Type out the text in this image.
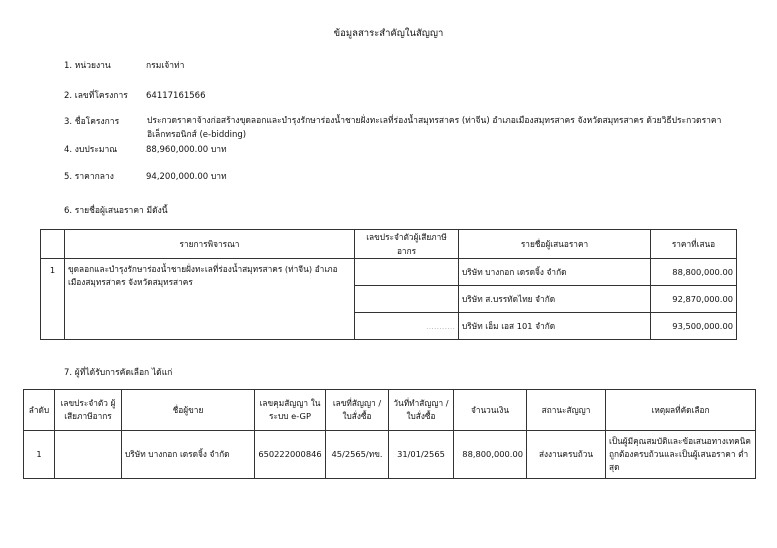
ข้อมูลสาระสำคัญในสัญญา
1. หน่วยงาน	กรมเจ้าท่า
2. เลขที่โครงการ 64117161566
3. ชื่อโครงการ	ประกวดราคาจ้างก่อสร้างขุดลอกและบำรุงรักษาร่องน้ำชายฝั่งทะเลที่ร่องน้ำสมุทรสาคร (ท่าจีน) อำเภอเมืองสมุทรสาคร จังหวัดสมุทรสาคร ด้วยวิธีประกวดราคาอิเล็กทรอนิกส์ (e-bidding)
4. งบประมาณ	88,960,000.00 บาท
5. ราคากลาง	94,200,000.00 บาท
6. รายชื่อผู้เสนอราคา มีดังนี้
	รายการพิจารณา	เลขประจำตัวผู้เสียภาษีอากร	รายชื่อผู้เสนอราคา	ราคาที่เสนอ
1	ขุดลอกและบำรุงรักษาร่องน้ำชายฝั่งทะเลที่ร่องน้ำสมุทรสาคร (ท่าจีน) อำเภอเมืองสมุทรสาคร จังหวัดสมุทรสาคร		บริษัท บางกอก เดรดจิ้ง จำกัด	88,800,000.00
			บริษัท ส.บรรทัดไทย จำกัด	92,870,000.00
		...........	บริษัท เอ็ม เอส 101 จำกัด	93,500,000.00
7. ผู้ที่ได้รับการคัดเลือก ได้แก่
ลำดับ	เลขประจำตัว ผู้เสียภาษีอากร	ชื่อผู้ขาย	เลขคุมสัญญา ในระบบ e-GP	เลขที่สัญญา / ใบสั่งซื้อ	วันที่ทำสัญญา / ใบสั่งซื้อ	จำนวนเงิน	สถานะสัญญา	เหตุผลที่คัดเลือก
1		บริษัท บางกอก เดรดจิ้ง จำกัด	650222000846	45/2565/ทข.	31/01/2565	88,800,000.00	ส่งงานครบถ้วน	เป็นผู้มีคุณสมบัติและข้อเสนอทางเทคนิคถูกต้องครบถ้วนและเป็นผู้เสนอราคา ต่ำสุด
